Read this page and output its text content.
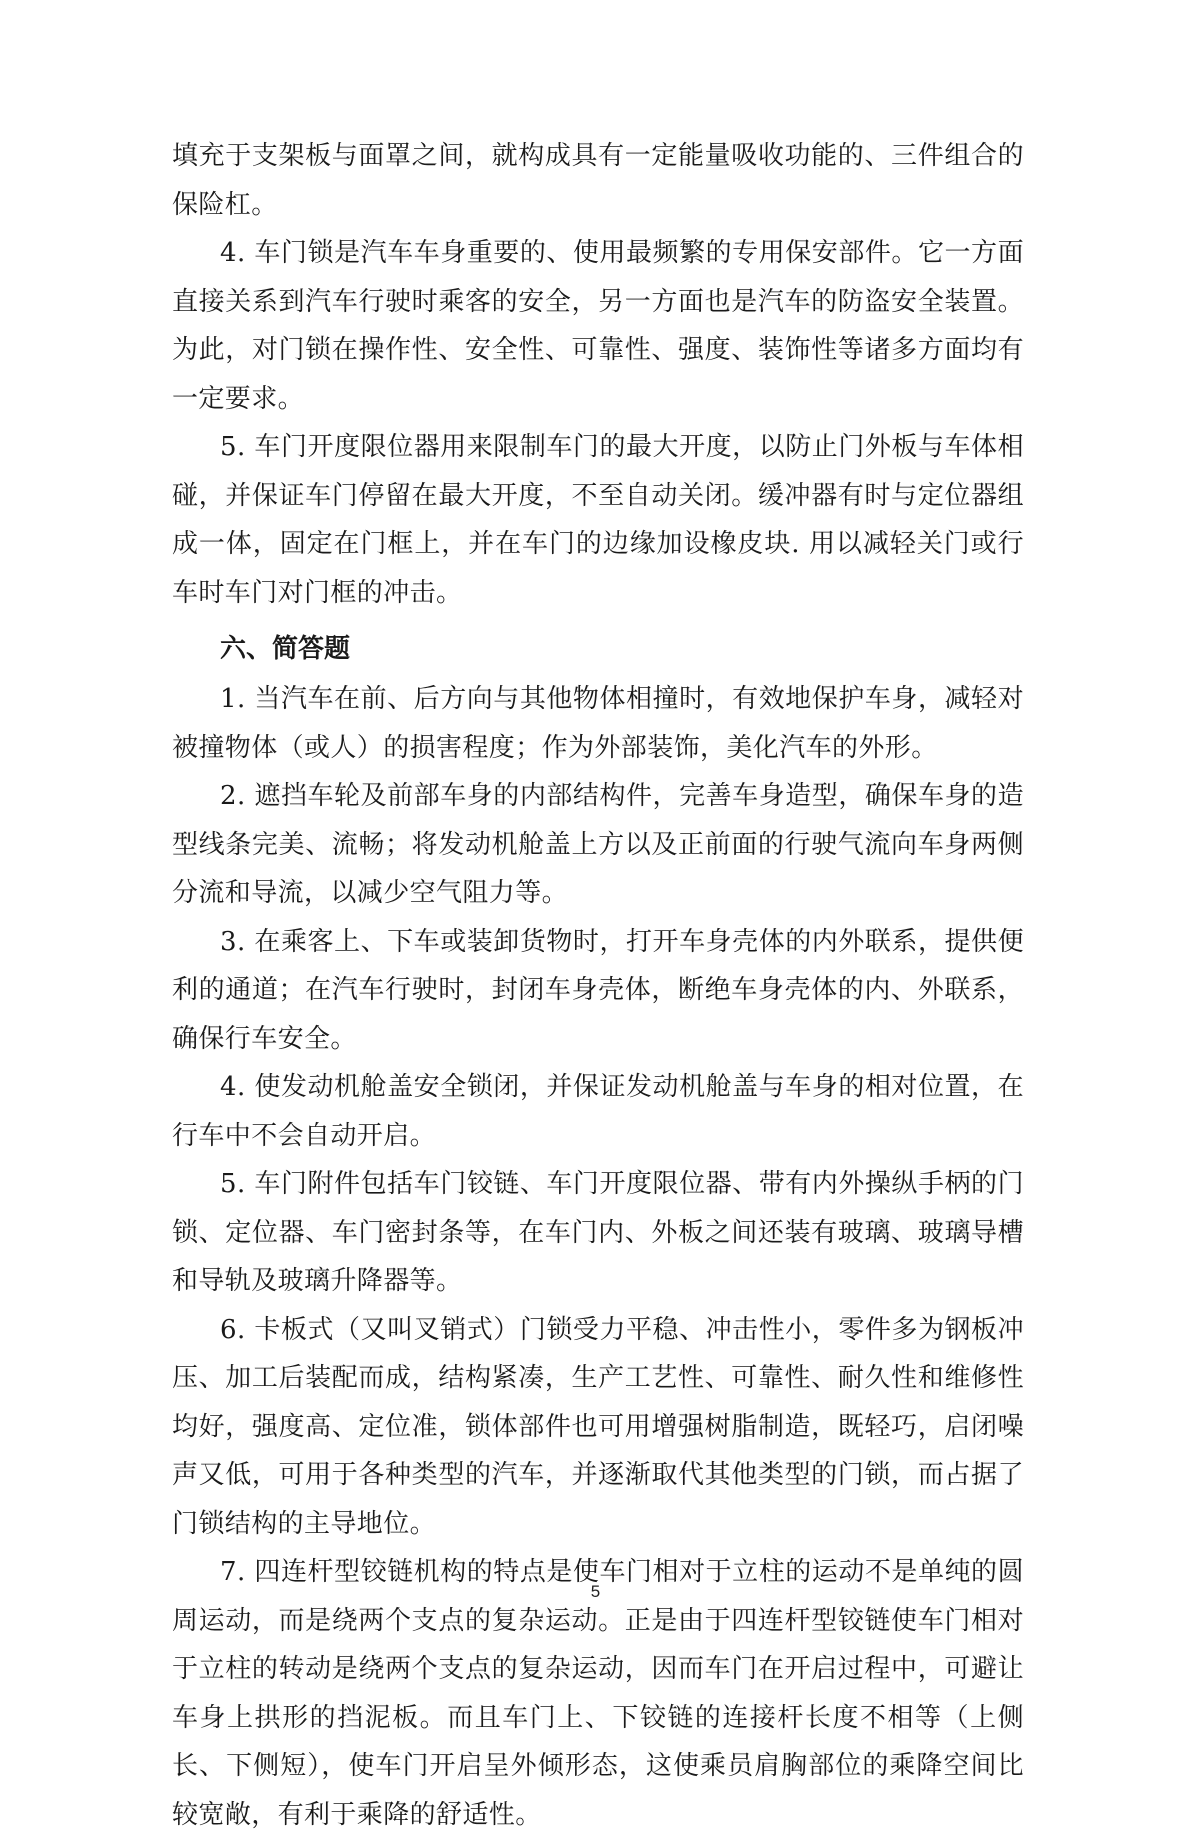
填充于支架板与面罩之间，就构成具有一定能量吸收功能的、三件组合的保险杠。

4. 车门锁是汽车车身重要的、使用最频繁的专用保安部件。它一方面直接关系到汽车行驶时乘客的安全，另一方面也是汽车的防盗安全装置。为此，对门锁在操作性、安全性、可靠性、强度、装饰性等诸多方面均有一定要求。

5. 车门开度限位器用来限制车门的最大开度，以防止门外板与车体相碰，并保证车门停留在最大开度，不至自动关闭。缓冲器有时与定位器组成一体，固定在门框上，并在车门的边缘加设橡皮块. 用以减轻关门或行车时车门对门框的冲击。

六、简答题

1. 当汽车在前、后方向与其他物体相撞时，有效地保护车身，减轻对被撞物体（或人）的损害程度；作为外部装饰，美化汽车的外形。

2. 遮挡车轮及前部车身的内部结构件，完善车身造型，确保车身的造型线条完美、流畅；将发动机舱盖上方以及正前面的行驶气流向车身两侧分流和导流，以减少空气阻力等。

3. 在乘客上、下车或装卸货物时，打开车身壳体的内外联系，提供便利的通道；在汽车行驶时，封闭车身壳体，断绝车身壳体的内、外联系，确保行车安全。

4. 使发动机舱盖安全锁闭，并保证发动机舱盖与车身的相对位置，在行车中不会自动开启。

5. 车门附件包括车门铰链、车门开度限位器、带有内外操纵手柄的门锁、定位器、车门密封条等，在车门内、外板之间还装有玻璃、玻璃导槽和导轨及玻璃升降器等。

6. 卡板式（又叫叉销式）门锁受力平稳、冲击性小，零件多为钢板冲压、加工后装配而成，结构紧凑，生产工艺性、可靠性、耐久性和维修性均好，强度高、定位准，锁体部件也可用增强树脂制造，既轻巧，启闭噪声又低，可用于各种类型的汽车，并逐渐取代其他类型的门锁，而占据了门锁结构的主导地位。

7. 四连杆型铰链机构的特点是使车门相对于立柱的运动不是单纯的圆周运动，而是绕两个支点的复杂运动。正是由于四连杆型铰链使车门相对于立柱的转动是绕两个支点的复杂运动，因而车门在开启过程中，可避让车身上拱形的挡泥板。而且车门上、下铰链的连接杆长度不相等（上侧长、下侧短），使车门开启呈外倾形态，这使乘员肩胸部位的乘降空间比较宽敞，有利于乘降的舒适性。

5
